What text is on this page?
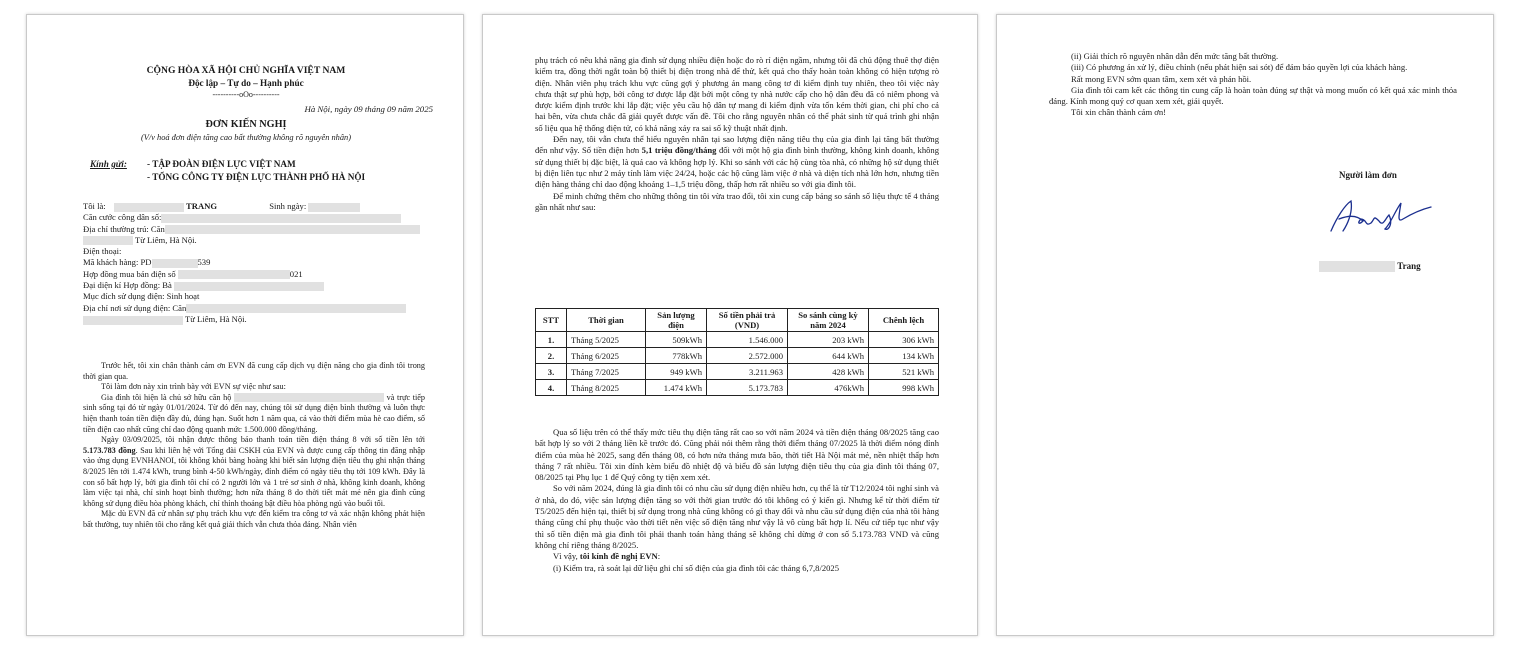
CỘNG HÒA XÃ HỘI CHỦ NGHĨA VIỆT NAM
Độc lập – Tự do – Hạnh phúc
----------oOo----------
Hà Nội, ngày 09 tháng 09 năm 2025
ĐƠN KIẾN NGHỊ
(V/v hoá đơn điện tăng cao bất thường không rõ nguyên nhân)
Kính gửi: - TẬP ĐOÀN ĐIỆN LỰC VIỆT NAM
- TỔNG CÔNG TY ĐIỆN LỰC THÀNH PHỐ HÀ NỘI
Tôi là:	TRANG	Sinh ngày:
Căn cước công dân số:
Địa chỉ thường trú: Căn
Từ Liêm, Hà Nội.
Điện thoại:
Mã khách hàng: PD	539
Hợp đồng mua bán điện số	021
Đại diện kí Hợp đồng: Bà
Mục đích sử dụng điện: Sinh hoạt
Địa chỉ nơi sử dụng điện: Căn
Từ Liêm, Hà Nội.

Trước hết, tôi xin chân thành cảm ơn EVN đã cung cấp dịch vụ điện năng cho gia đình tôi trong thời gian qua.

Tôi làm đơn này xin trình bày với EVN sự việc như sau:

Gia đình tôi hiện là chủ sở hữu căn hộ	và trực tiếp sinh sống tại đó từ ngày 01/01/2024. Từ đó đến nay, chúng tôi sử dụng điện bình thường và luôn thực hiện thanh toán tiền điện đầy đủ, đúng hạn. Suốt hơn 1 năm qua, cả vào thời điểm mùa hè cao điểm, số tiền điện cao nhất cũng chỉ dao động quanh mức 1.500.000 đồng/tháng.

Ngày 03/09/2025, tôi nhận được thông báo thanh toán tiền điện tháng 8 với số tiền lên tới 5.173.783 đồng. Sau khi liên hệ với Tổng đài CSKH của EVN và được cung cấp thông tin đăng nhập vào ứng dụng EVNHANOI, tôi không khỏi bàng hoàng khi biết sản lượng điện tiêu thụ ghi nhận tháng 8/2025 lên tới 1.474 kWh, trung bình 4-50 kWh/ngày, đỉnh điểm có ngày tiêu thụ tới 109 kWh. Đây là con số bất hợp lý, bởi gia đình tôi chỉ có 2 người lớn và 1 trẻ sơ sinh ở nhà, không kinh doanh, không làm việc tại nhà, chỉ sinh hoạt bình thường; hơn nữa tháng 8 do thời tiết mát mẻ nên gia đình cũng không sử dụng điều hòa phòng khách, chỉ thỉnh thoảng bật điều hòa phòng ngủ vào buổi tối.

Mặc dù EVN đã cử nhân sự phụ trách khu vực đến kiểm tra công tơ và xác nhận không phát hiện bất thường, tuy nhiên tôi cho rằng kết quả giải thích vẫn chưa thỏa đáng. Nhân viên

phụ trách có nêu khả năng gia đình sử dụng nhiều điện hoặc đo rò rỉ điện ngầm, nhưng tôi đã chủ động thuê thợ điện kiểm tra, đồng thời ngắt toàn bộ thiết bị điện trong nhà để thử, kết quả cho thấy hoàn toàn không có hiện tượng rò điện. Nhân viên phụ trách khu vực cũng gợi ý phương án mang công tơ đi kiểm định tuy nhiên, theo tôi việc này chưa thật sự phù hợp, bởi công tơ được lắp đặt bởi một công ty nhà nước cấp cho hộ dân đều đã có niêm phong và được kiểm định trước khi lắp đặt; việc yêu cầu hộ dân tự mang đi kiểm định vừa tốn kém thời gian, chi phí cho cả hai bên, vừa chưa chắc đã giải quyết được vấn đề. Tôi cho rằng nguyên nhân có thể phát sinh từ quá trình ghi nhận số liệu qua hệ thống điện tử, có khả năng xảy ra sai số kỹ thuật nhất định.

Đến nay, tôi vẫn chưa thể hiểu nguyên nhân tại sao lượng điện năng tiêu thụ của gia đình lại tăng bất thường đến như vậy. Số tiền điện hơn 5,1 triệu đồng/tháng đối với một hộ gia đình bình thường, không kinh doanh, không sử dụng thiết bị đặc biệt, là quá cao và không hợp lý. Khi so sánh với các hộ cùng tòa nhà, có những hộ sử dụng thiết bị điện liên tục như 2 máy tính làm việc 24/24, hoặc các hộ cũng làm việc ở nhà và diện tích nhà lớn hơn, nhưng tiền điện hàng tháng chỉ dao động khoảng 1–1,5 triệu đồng, thấp hơn rất nhiều so với gia đình tôi.

Để minh chứng thêm cho những thông tin tôi vừa trao đổi, tôi xin cung cấp bảng so sánh số liệu thực tế 4 tháng gần nhất như sau:

STT	Thời gian	Sản lượng điện	Số tiền phải trả (VND)	So sánh cùng kỳ năm 2024	Chênh lệch
1.	Tháng 5/2025	509kWh	1.546.000	203 kWh	306 kWh
2.	Tháng 6/2025	778kWh	2.572.000	644 kWh	134 kWh
3.	Tháng 7/2025	949 kWh	3.211.963	428 kWh	521 kWh
4.	Tháng 8/2025	1.474 kWh	5.173.783	476kWh	998 kWh

Qua số liệu trên có thể thấy mức tiêu thụ điện tăng rất cao so với năm 2024 và tiền điện tháng 08/2025 tăng cao bất hợp lý so với 2 tháng liền kề trước đó. Cũng phải nói thêm rằng thời điểm tháng 07/2025 là thời điểm nóng đỉnh điểm của mùa hè 2025, sang đến tháng 08, có hơn nửa tháng mưa bão, thời tiết Hà Nội mát mẻ, nền nhiệt thấp hơn tháng 7 rất nhiều. Tôi xin đính kèm biểu đồ nhiệt độ và biểu đồ sản lượng điện tiêu thụ của gia đình tôi tháng 07, 08/2025 tại Phụ lục 1 để Quý công ty tiện xem xét.

So với năm 2024, đúng là gia đình tôi có nhu cầu sử dụng điện nhiều hơn, cụ thể là từ T12/2024 tôi nghỉ sinh và ở nhà, do đó, việc sản lượng điện tăng so với thời gian trước đó tôi không có ý kiến gì. Nhưng kể từ thời điểm từ T5/2025 đến hiện tại, thiết bị sử dụng trong nhà cũng không có gì thay đổi và nhu cầu sử dụng điện của nhà tôi hàng tháng cũng chỉ phụ thuộc vào thời tiết nên việc số điện tăng như vậy là vô cùng bất hợp lí. Nếu cứ tiếp tục như vậy thì số tiền điện mà gia đình tôi phải thanh toán hàng tháng sẽ không chỉ dừng ở con số 5.173.783 VND và cũng không chỉ riêng tháng 8/2025.

Vì vậy, tôi kính đề nghị EVN:

(i) Kiểm tra, rà soát lại dữ liệu ghi chỉ số điện của gia đình tôi các tháng 6,7,8/2025

(ii) Giải thích rõ nguyên nhân dẫn đến mức tăng bất thường.

(iii) Có phương án xử lý, điều chỉnh (nếu phát hiện sai sót) để đảm bảo quyền lợi của khách hàng.

Rất mong EVN sớm quan tâm, xem xét và phản hồi.

Gia đình tôi cam kết các thông tin cung cấp là hoàn toàn đúng sự thật và mong muốn có kết quả xác minh thỏa đáng. Kính mong quý cơ quan xem xét, giải quyết.

Tôi xin chân thành cảm ơn!

Người làm đơn
Trang
